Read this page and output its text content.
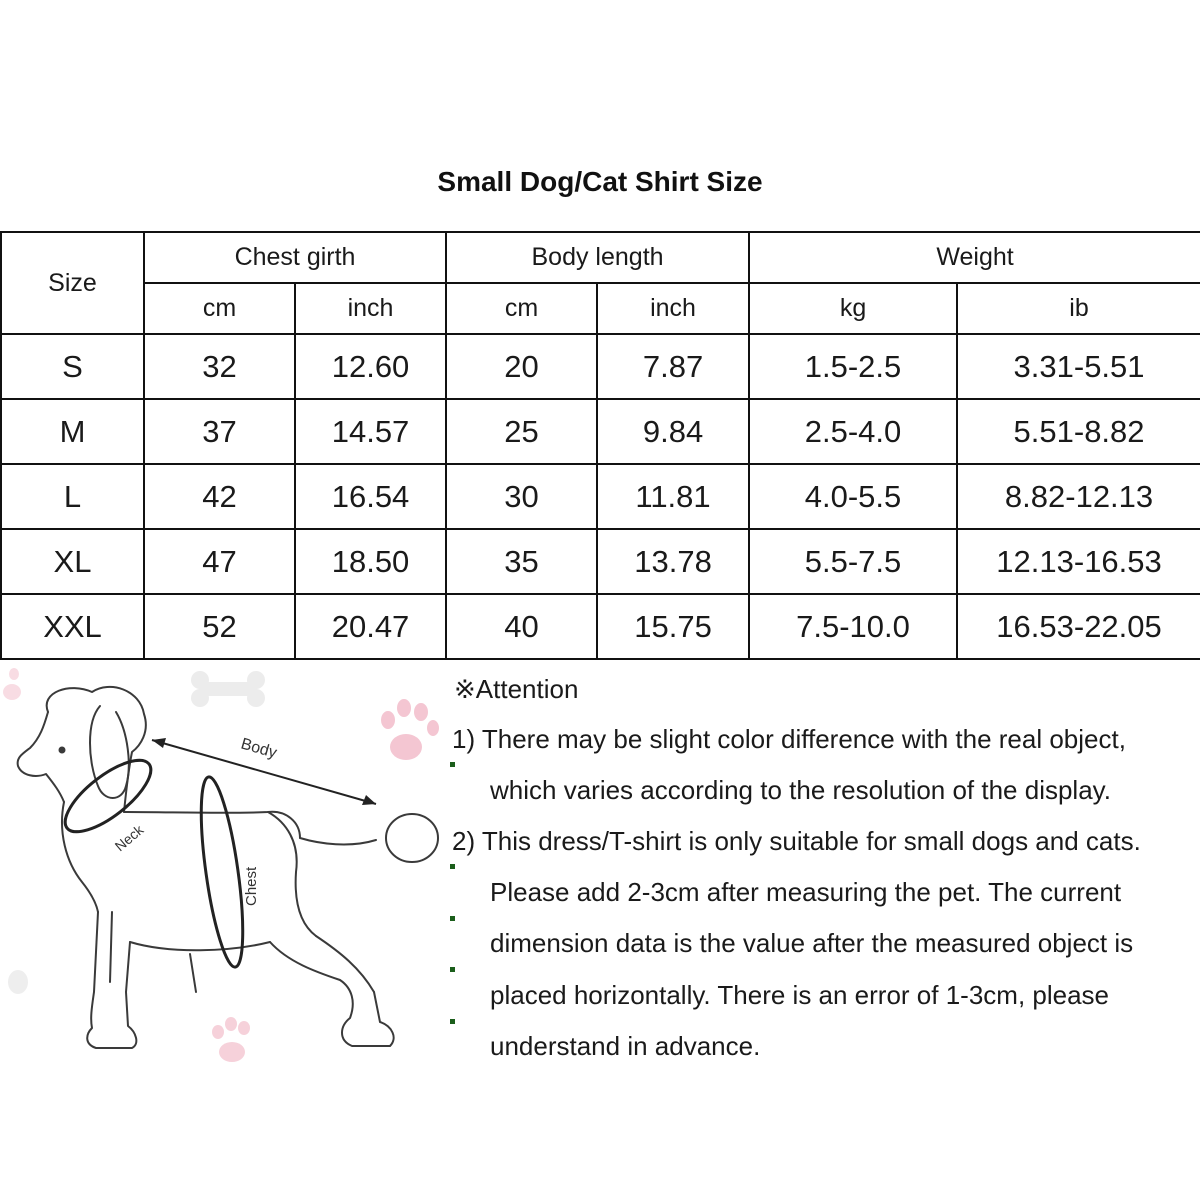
Small Dog/Cat Shirt Size
Size	Chest girth		Body length		Weight	
	cm	inch	cm	inch	kg	ib
S	32	12.60	20	7.87	1.5-2.5	3.31-5.51
M	37	14.57	25	9.84	2.5-4.0	5.51-8.82
L	42	16.54	30	11.81	4.0-5.5	8.82-12.13
XL	47	18.50	35	13.78	5.5-7.5	12.13-16.53
XXL	52	20.47	40	15.75	7.5-10.0	16.53-22.05
Body
Neck
Chest
※Attention
1) There may be slight color difference with the real object,
which varies according to the resolution of the display.
2) This dress/T-shirt is only suitable for small dogs and cats.
Please add 2-3cm after measuring the pet. The current
dimension data is the value after the measured object is
placed horizontally. There is an error of 1-3cm, please
understand in advance.
